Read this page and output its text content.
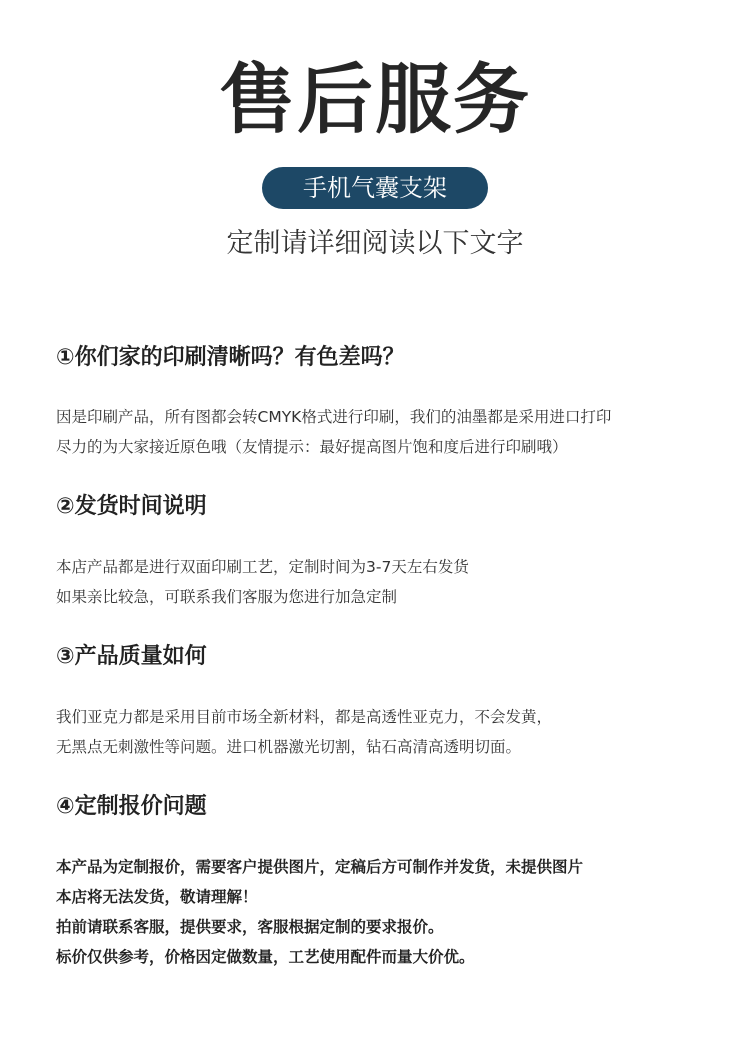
售后服务
手机气囊支架
定制请详细阅读以下文字
①你们家的印刷清晰吗？有色差吗？

因是印刷产品，所有图都会转CMYK格式进行印刷，我们的油墨都是采用进口打印

尽力的为大家接近原色哦（友情提示：最好提高图片饱和度后进行印刷哦）

②发货时间说明

本店产品都是进行双面印刷工艺，定制时间为3-7天左右发货

如果亲比较急，可联系我们客服为您进行加急定制

③产品质量如何

我们亚克力都是采用目前市场全新材料，都是高透性亚克力，不会发黄，

无黑点无刺激性等问题。进口机器激光切割，钻石高清高透明切面。

④定制报价问题

本产品为定制报价，需要客户提供图片，定稿后方可制作并发货，未提供图片

本店将无法发货，敬请理解！

拍前请联系客服，提供要求，客服根据定制的要求报价。

标价仅供参考，价格因定做数量，工艺使用配件而量大价优。
